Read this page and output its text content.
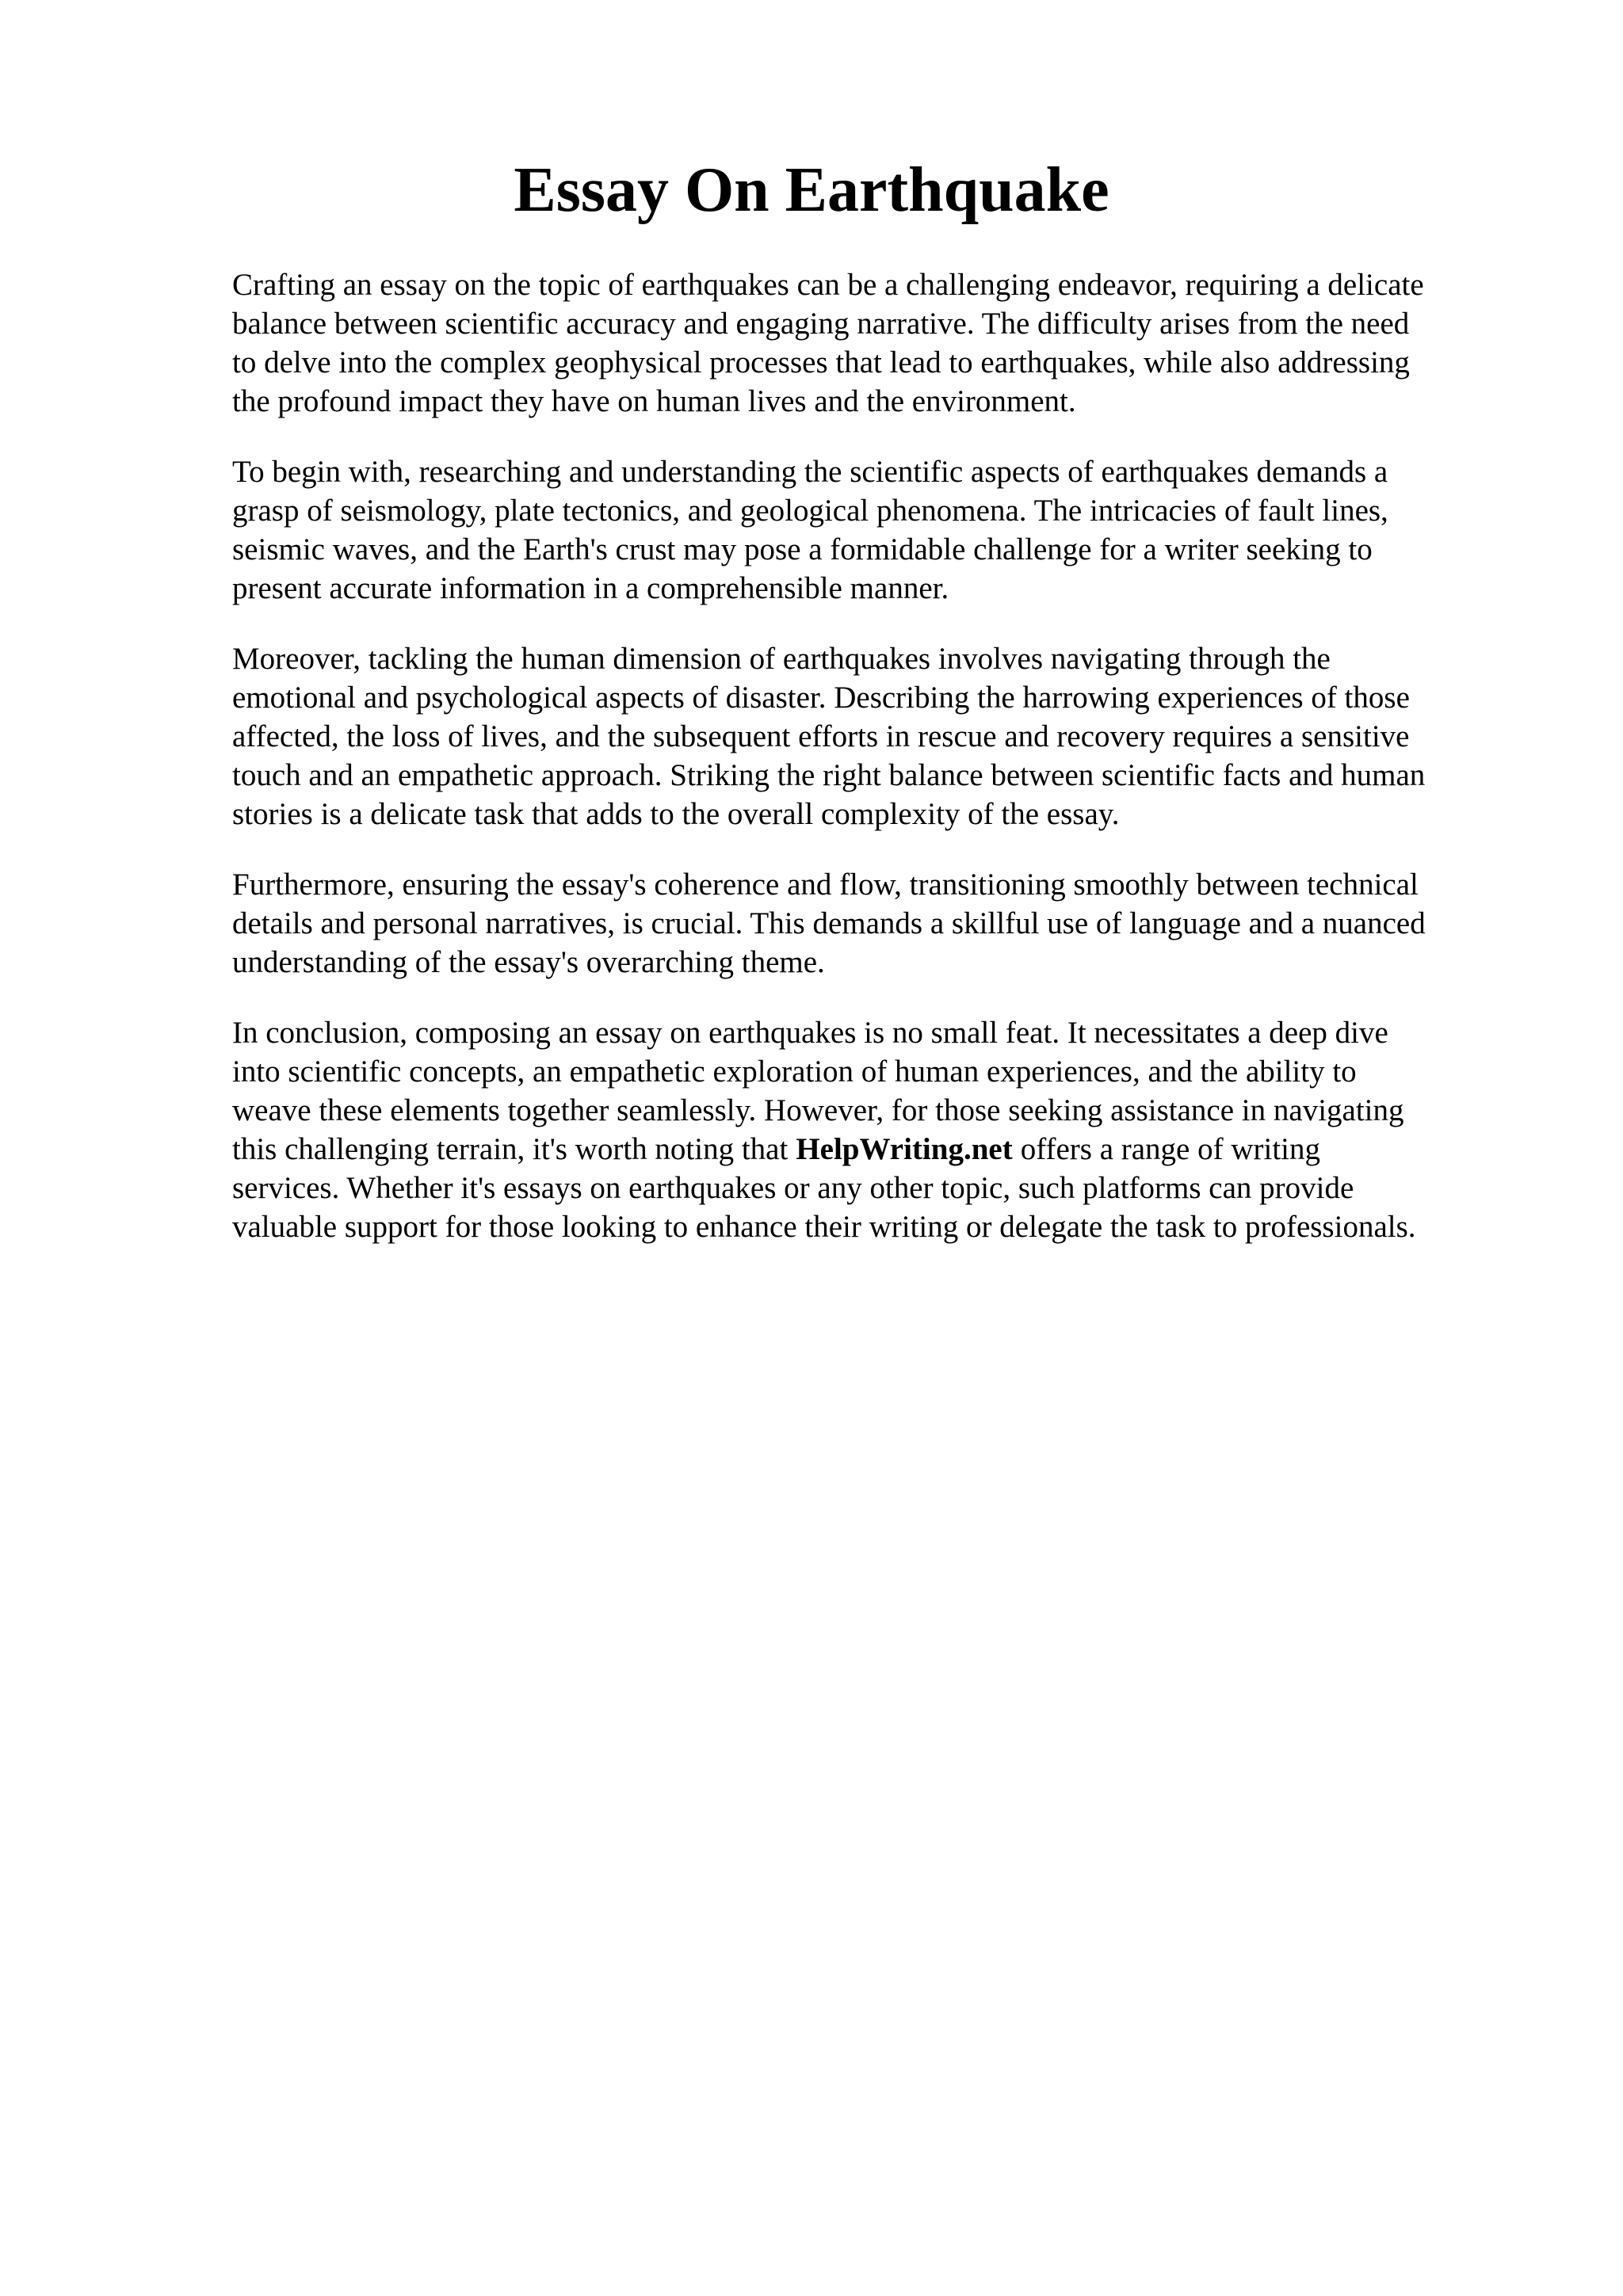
Essay On Earthquake

Crafting an essay on the topic of earthquakes can be a challenging endeavor, requiring a delicate
balance between scientific accuracy and engaging narrative. The difficulty arises from the need
to delve into the complex geophysical processes that lead to earthquakes, while also addressing
the profound impact they have on human lives and the environment.

To begin with, researching and understanding the scientific aspects of earthquakes demands a
grasp of seismology, plate tectonics, and geological phenomena. The intricacies of fault lines,
seismic waves, and the Earth's crust may pose a formidable challenge for a writer seeking to
present accurate information in a comprehensible manner.

Moreover, tackling the human dimension of earthquakes involves navigating through the
emotional and psychological aspects of disaster. Describing the harrowing experiences of those
affected, the loss of lives, and the subsequent efforts in rescue and recovery requires a sensitive
touch and an empathetic approach. Striking the right balance between scientific facts and human
stories is a delicate task that adds to the overall complexity of the essay.

Furthermore, ensuring the essay's coherence and flow, transitioning smoothly between technical
details and personal narratives, is crucial. This demands a skillful use of language and a nuanced
understanding of the essay's overarching theme.

In conclusion, composing an essay on earthquakes is no small feat. It necessitates a deep dive
into scientific concepts, an empathetic exploration of human experiences, and the ability to
weave these elements together seamlessly. However, for those seeking assistance in navigating
this challenging terrain, it's worth noting that HelpWriting.net offers a range of writing
services. Whether it's essays on earthquakes or any other topic, such platforms can provide
valuable support for those looking to enhance their writing or delegate the task to professionals.
